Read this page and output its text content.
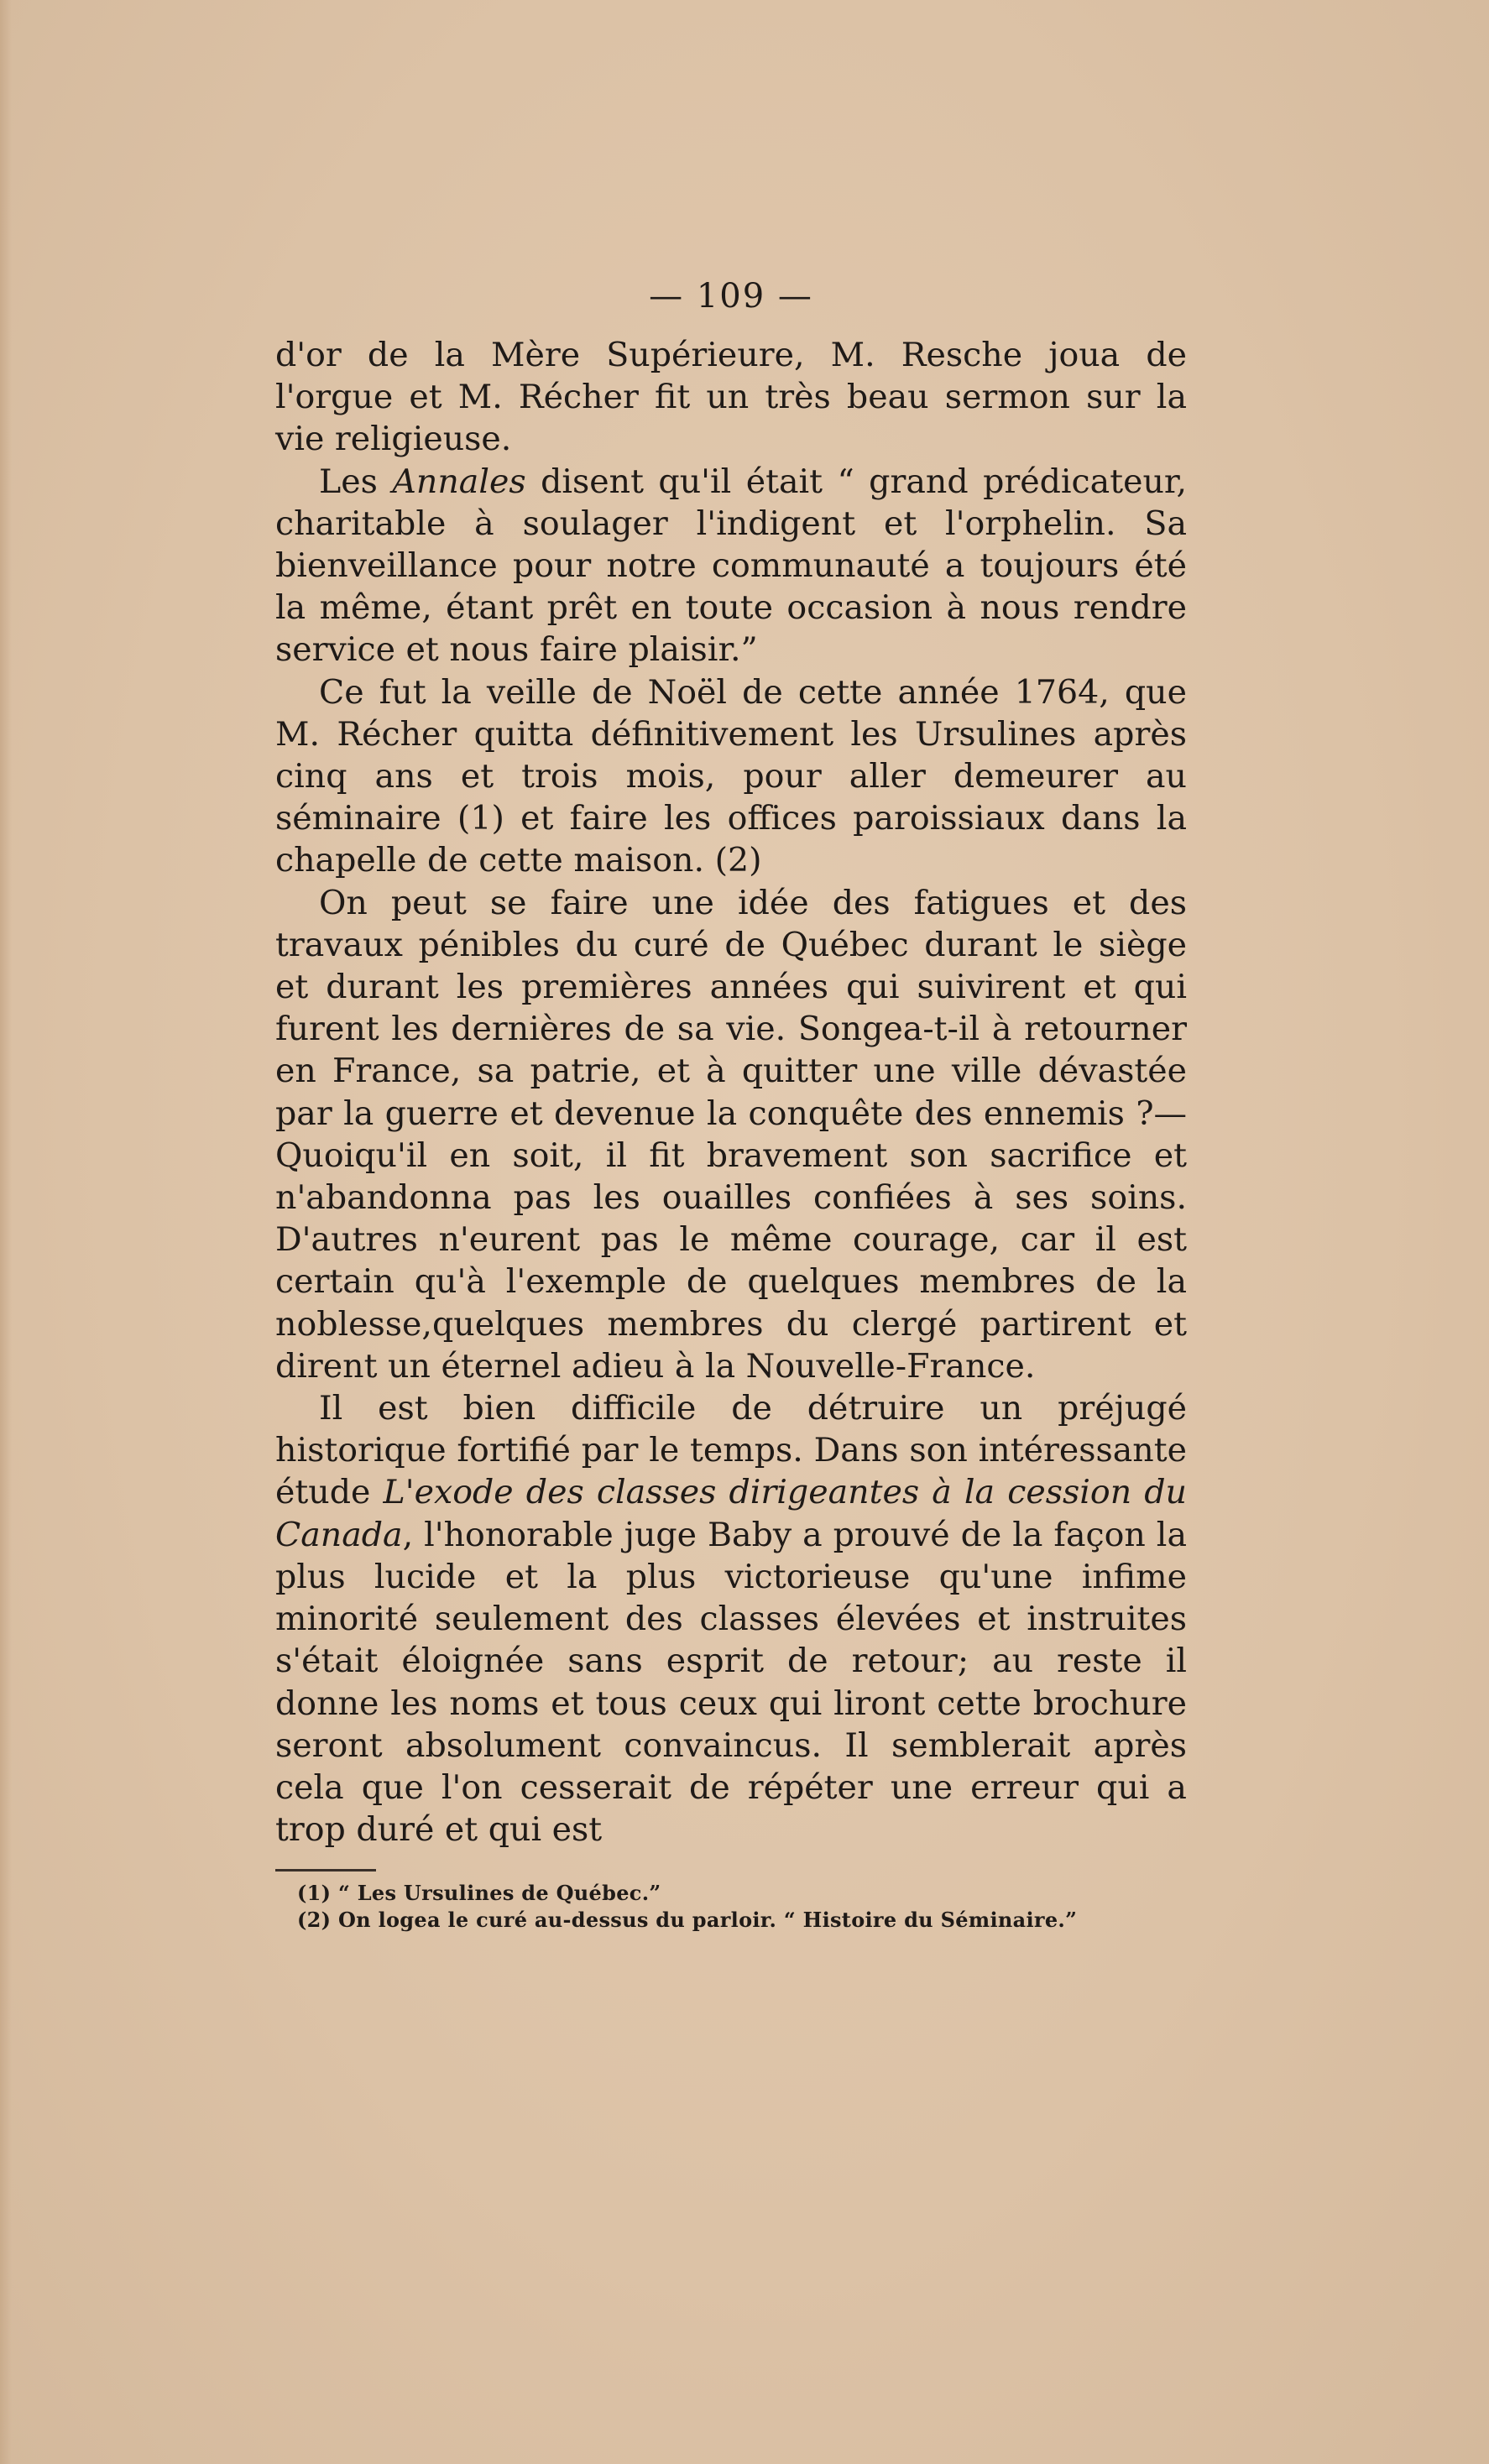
— 109 —

d'or de la Mère Supérieure, M. Resche joua de l'orgue et M. Récher fit un très beau sermon sur la vie religieuse.

Les Annales disent qu'il était “ grand prédicateur, charitable à soulager l'indigent et l'orphelin. Sa bienveillance pour notre communauté a toujours été la même, étant prêt en toute occasion à nous rendre service et nous faire plaisir.”

Ce fut la veille de Noël de cette année 1764, que M. Récher quitta définitivement les Ursulines après cinq ans et trois mois, pour aller demeurer au séminaire (1) et faire les offices paroissiaux dans la chapelle de cette maison. (2)

On peut se faire une idée des fatigues et des travaux pénibles du curé de Québec durant le siège et durant les premières années qui suivirent et qui furent les dernières de sa vie. Songea-t-il à retourner en France, sa patrie, et à quitter une ville dévastée par la guerre et devenue la conquête des ennemis ?—Quoiqu'il en soit, il fit bravement son sacrifice et n'abandonna pas les ouailles confiées à ses soins. D'autres n'eurent pas le même courage, car il est certain qu'à l'exemple de quelques membres de la noblesse,quelques membres du clergé partirent et dirent un éternel adieu à la Nouvelle-France.

Il est bien difficile de détruire un préjugé historique fortifié par le temps. Dans son intéressante étude L'exode des classes dirigeantes à la cession du Canada, l'honorable juge Baby a prouvé de la façon la plus lucide et la plus victorieuse qu'une infime minorité seulement des classes élevées et instruites s'était éloignée sans esprit de retour; au reste il donne les noms et tous ceux qui liront cette brochure seront absolument convaincus. Il semblerait après cela que l'on cesserait de répéter une erreur qui a trop duré et qui est

(1) “ Les Ursulines de Québec.”

(2) On logea le curé au-dessus du parloir. “ Histoire du Séminaire.”
